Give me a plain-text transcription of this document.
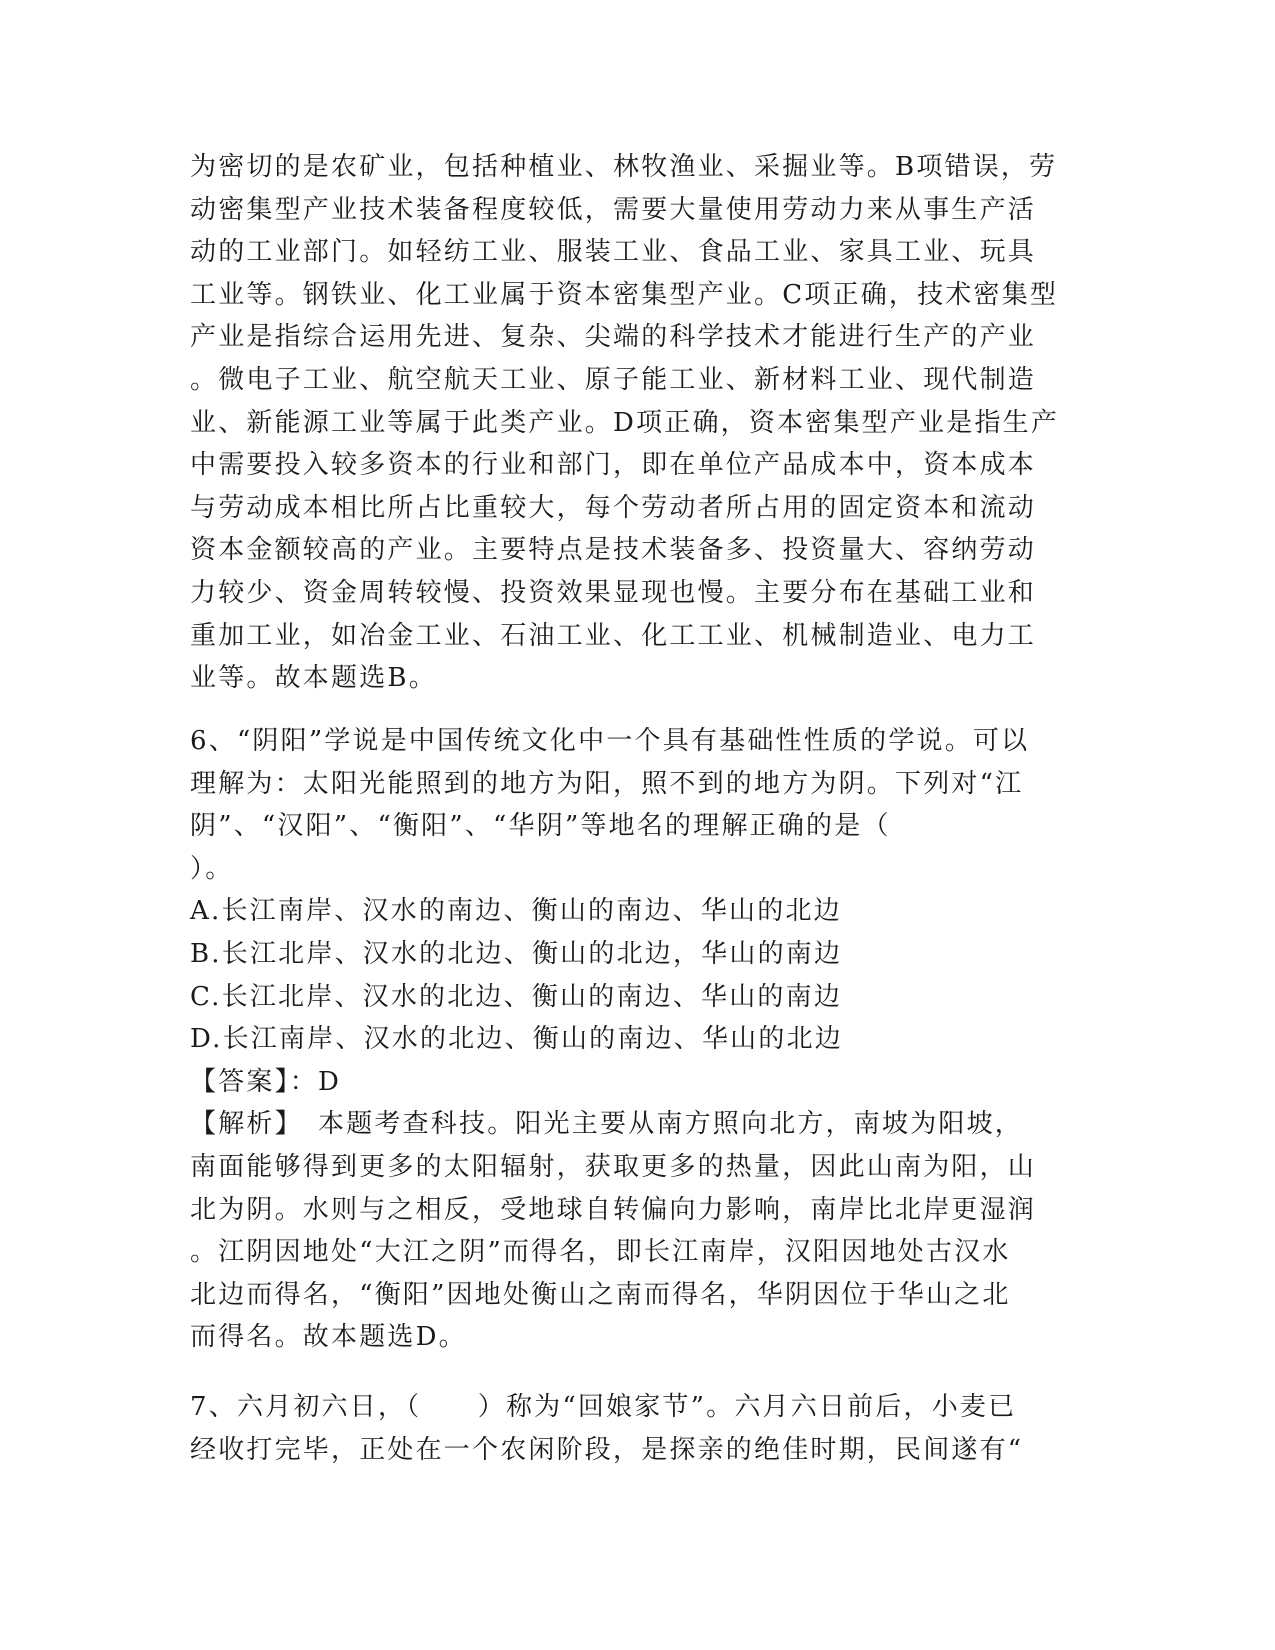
为密切的是农矿业，包括种植业、林牧渔业、采掘业等。B项错误，劳
动密集型产业技术装备程度较低，需要大量使用劳动力来从事生产活
动的工业部门。如轻纺工业、服装工业、食品工业、家具工业、玩具
工业等。钢铁业、化工业属于资本密集型产业。C项正确，技术密集型
产业是指综合运用先进、复杂、尖端的科学技术才能进行生产的产业
。微电子工业、航空航天工业、原子能工业、新材料工业、现代制造
业、新能源工业等属于此类产业。D项正确，资本密集型产业是指生产
中需要投入较多资本的行业和部门，即在单位产品成本中，资本成本
与劳动成本相比所占比重较大，每个劳动者所占用的固定资本和流动
资本金额较高的产业。主要特点是技术装备多、投资量大、容纳劳动
力较少、资金周转较慢、投资效果显现也慢。主要分布在基础工业和
重加工业，如冶金工业、石油工业、化工工业、机械制造业、电力工
业等。故本题选B。
6、“阴阳”学说是中国传统文化中一个具有基础性性质的学说。可以
理解为：太阳光能照到的地方为阳，照不到的地方为阴。下列对“江
阴”、“汉阳”、“衡阳”、“华阴”等地名的理解正确的是（
）。
A.长江南岸、汉水的南边、衡山的南边、华山的北边
B.长江北岸、汉水的北边、衡山的北边，华山的南边
C.长江北岸、汉水的北边、衡山的南边、华山的南边
D.长江南岸、汉水的北边、衡山的南边、华山的北边
【答案】：D
【解析】　本题考查科技。阳光主要从南方照向北方，南坡为阳坡，
南面能够得到更多的太阳辐射，获取更多的热量，因此山南为阳，山
北为阴。水则与之相反，受地球自转偏向力影响，南岸比北岸更湿润
。江阴因地处“大江之阴”而得名，即长江南岸，汉阳因地处古汉水
北边而得名，“衡阳”因地处衡山之南而得名，华阴因位于华山之北
而得名。故本题选D。
7、六月初六日，（　　）称为“回娘家节”。六月六日前后，小麦已
经收打完毕，正处在一个农闲阶段，是探亲的绝佳时期，民间遂有“
